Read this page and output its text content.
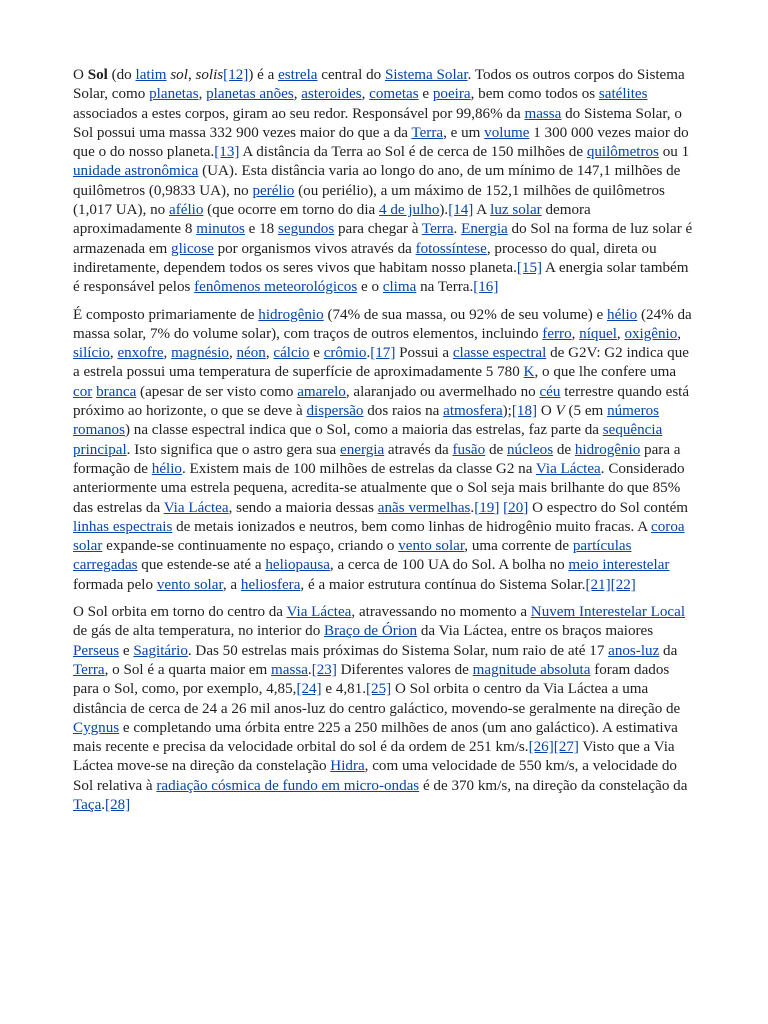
O Sol (do latim sol, solis[12]) é a estrela central do Sistema Solar. Todos os outros corpos do Sistema Solar, como planetas, planetas anões, asteroides, cometas e poeira, bem como todos os satélites associados a estes corpos, giram ao seu redor. Responsável por 99,86% da massa do Sistema Solar, o Sol possui uma massa 332 900 vezes maior do que a da Terra, e um volume 1 300 000 vezes maior do que o do nosso planeta.[13] A distância da Terra ao Sol é de cerca de 150 milhões de quilômetros ou 1 unidade astronômica (UA). Esta distância varia ao longo do ano, de um mínimo de 147,1 milhões de quilômetros (0,9833 UA), no perélio (ou periélio), a um máximo de 152,1 milhões de quilômetros (1,017 UA), no afélio (que ocorre em torno do dia 4 de julho).[14] A luz solar demora aproximadamente 8 minutos e 18 segundos para chegar à Terra. Energia do Sol na forma de luz solar é armazenada em glicose por organismos vivos através da fotossíntese, processo do qual, direta ou indiretamente, dependem todos os seres vivos que habitam nosso planeta.[15] A energia solar também é responsável pelos fenômenos meteorológicos e o clima na Terra.[16]

É composto primariamente de hidrogênio (74% de sua massa, ou 92% de seu volume) e hélio (24% da massa solar, 7% do volume solar), com traços de outros elementos, incluindo ferro, níquel, oxigênio, silício, enxofre, magnésio, néon, cálcio e crômio.[17] Possui a classe espectral de G2V: G2 indica que a estrela possui uma temperatura de superfície de aproximadamente 5 780 K, o que lhe confere uma cor branca (apesar de ser visto como amarelo, alaranjado ou avermelhado no céu terrestre quando está próximo ao horizonte, o que se deve à dispersão dos raios na atmosfera);[18] O V (5 em números romanos) na classe espectral indica que o Sol, como a maioria das estrelas, faz parte da sequência principal. Isto significa que o astro gera sua energia através da fusão de núcleos de hidrogênio para a formação de hélio. Existem mais de 100 milhões de estrelas da classe G2 na Via Láctea. Considerado anteriormente uma estrela pequena, acredita-se atualmente que o Sol seja mais brilhante do que 85% das estrelas da Via Láctea, sendo a maioria dessas anãs vermelhas.[19] [20] O espectro do Sol contém linhas espectrais de metais ionizados e neutros, bem como linhas de hidrogênio muito fracas. A coroa solar expande-se continuamente no espaço, criando o vento solar, uma corrente de partículas carregadas que estende-se até a heliopausa, a cerca de 100 UA do Sol. A bolha no meio interestelar formada pelo vento solar, a heliosfera, é a maior estrutura contínua do Sistema Solar.[21][22]

O Sol orbita em torno do centro da Via Láctea, atravessando no momento a Nuvem Interestelar Local de gás de alta temperatura, no interior do Braço de Órion da Via Láctea, entre os braços maiores Perseus e Sagitário. Das 50 estrelas mais próximas do Sistema Solar, num raio de até 17 anos-luz da Terra, o Sol é a quarta maior em massa.[23] Diferentes valores de magnitude absoluta foram dados para o Sol, como, por exemplo, 4,85,[24] e 4,81.[25] O Sol orbita o centro da Via Láctea a uma distância de cerca de 24 a 26 mil anos-luz do centro galáctico, movendo-se geralmente na direção de Cygnus e completando uma órbita entre 225 a 250 milhões de anos (um ano galáctico). A estimativa mais recente e precisa da velocidade orbital do sol é da ordem de 251 km/s.[26][27] Visto que a Via Láctea move-se na direção da constelação Hidra, com uma velocidade de 550 km/s, a velocidade do Sol relativa à radiação cósmica de fundo em micro-ondas é de 370 km/s, na direção da constelação da Taça.[28]
